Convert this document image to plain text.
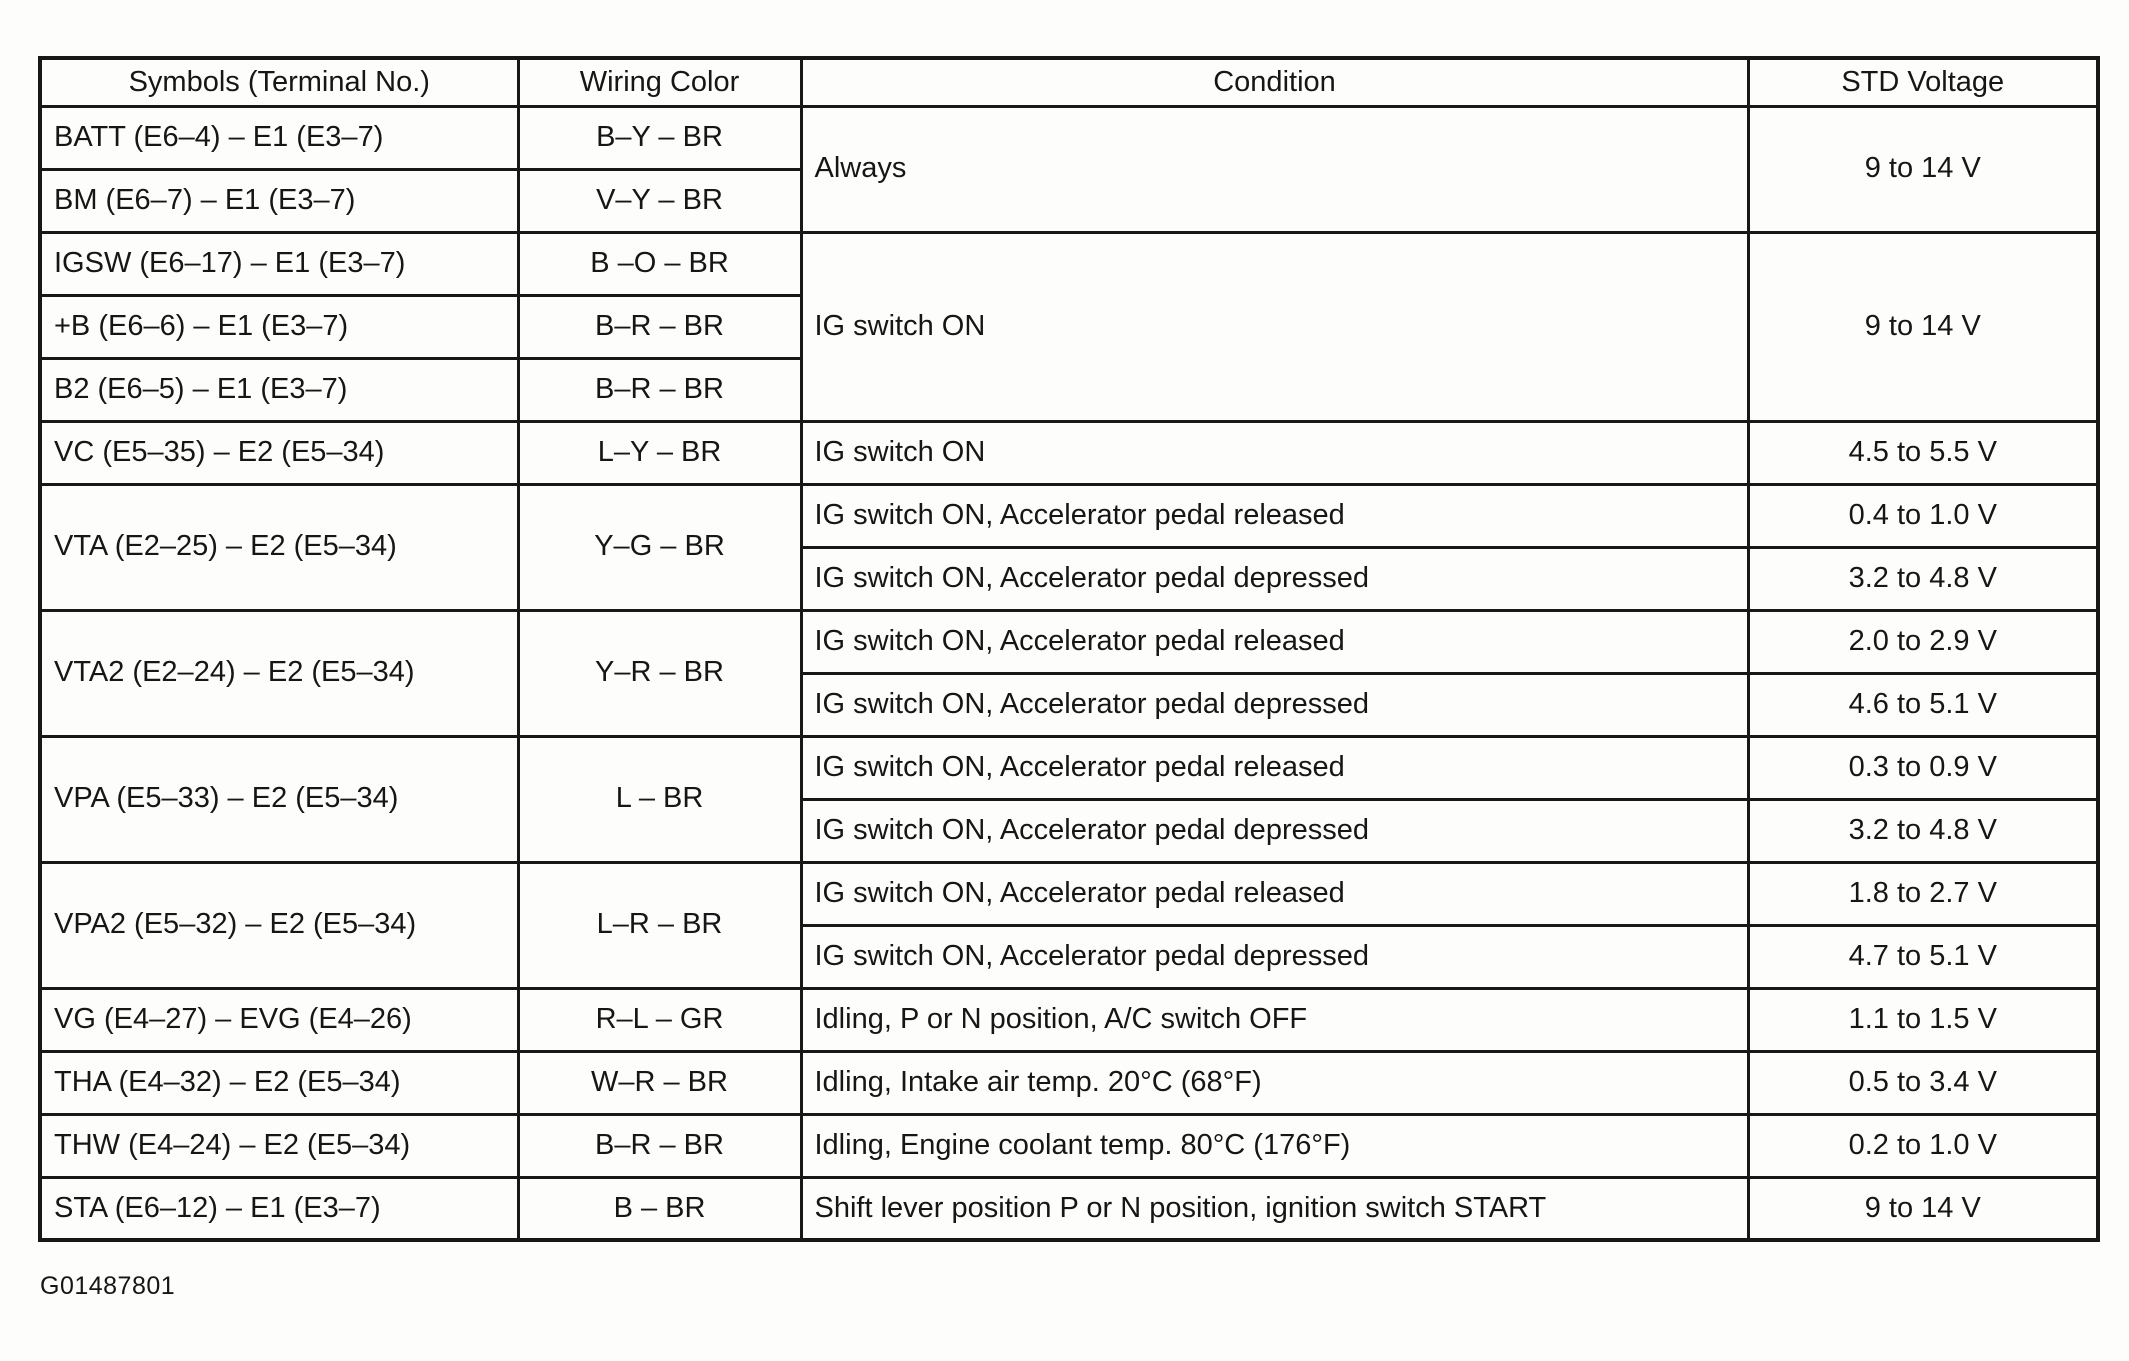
Symbols (Terminal No.)	Wiring Color	Condition	STD Voltage
BATT (E6–4) – E1 (E3–7)	B–Y – BR	Always	9 to 14 V
BM (E6–7) – E1 (E3–7)	V–Y – BR		
IGSW (E6–17) – E1 (E3–7)	B –O – BR	IG switch ON	9 to 14 V
+B (E6–6) – E1 (E3–7)	B–R – BR		
B2 (E6–5) – E1 (E3–7)	B–R – BR		
VC (E5–35) – E2 (E5–34)	L–Y – BR	IG switch ON	4.5 to 5.5 V
VTA (E2–25) – E2 (E5–34)	Y–G – BR	IG switch ON, Accelerator pedal released	0.4 to 1.0 V
		IG switch ON, Accelerator pedal depressed	3.2 to 4.8 V
VTA2 (E2–24) – E2 (E5–34)	Y–R – BR	IG switch ON, Accelerator pedal released	2.0 to 2.9 V
		IG switch ON, Accelerator pedal depressed	4.6 to 5.1 V
VPA (E5–33) – E2 (E5–34)	L – BR	IG switch ON, Accelerator pedal released	0.3 to 0.9 V
		IG switch ON, Accelerator pedal depressed	3.2 to 4.8 V
VPA2 (E5–32) – E2 (E5–34)	L–R – BR	IG switch ON, Accelerator pedal released	1.8 to 2.7 V
		IG switch ON, Accelerator pedal depressed	4.7 to 5.1 V
VG (E4–27) – EVG (E4–26)	R–L – GR	Idling, P or N position, A/C switch OFF	1.1 to 1.5 V
THA (E4–32) – E2 (E5–34)	W–R – BR	Idling, Intake air temp. 20°C (68°F)	0.5 to 3.4 V
THW (E4–24) – E2 (E5–34)	B–R – BR	Idling, Engine coolant temp. 80°C (176°F)	0.2 to 1.0 V
STA (E6–12) – E1 (E3–7)	B – BR	Shift lever position P or N position, ignition switch START	9 to 14 V
G01487801
